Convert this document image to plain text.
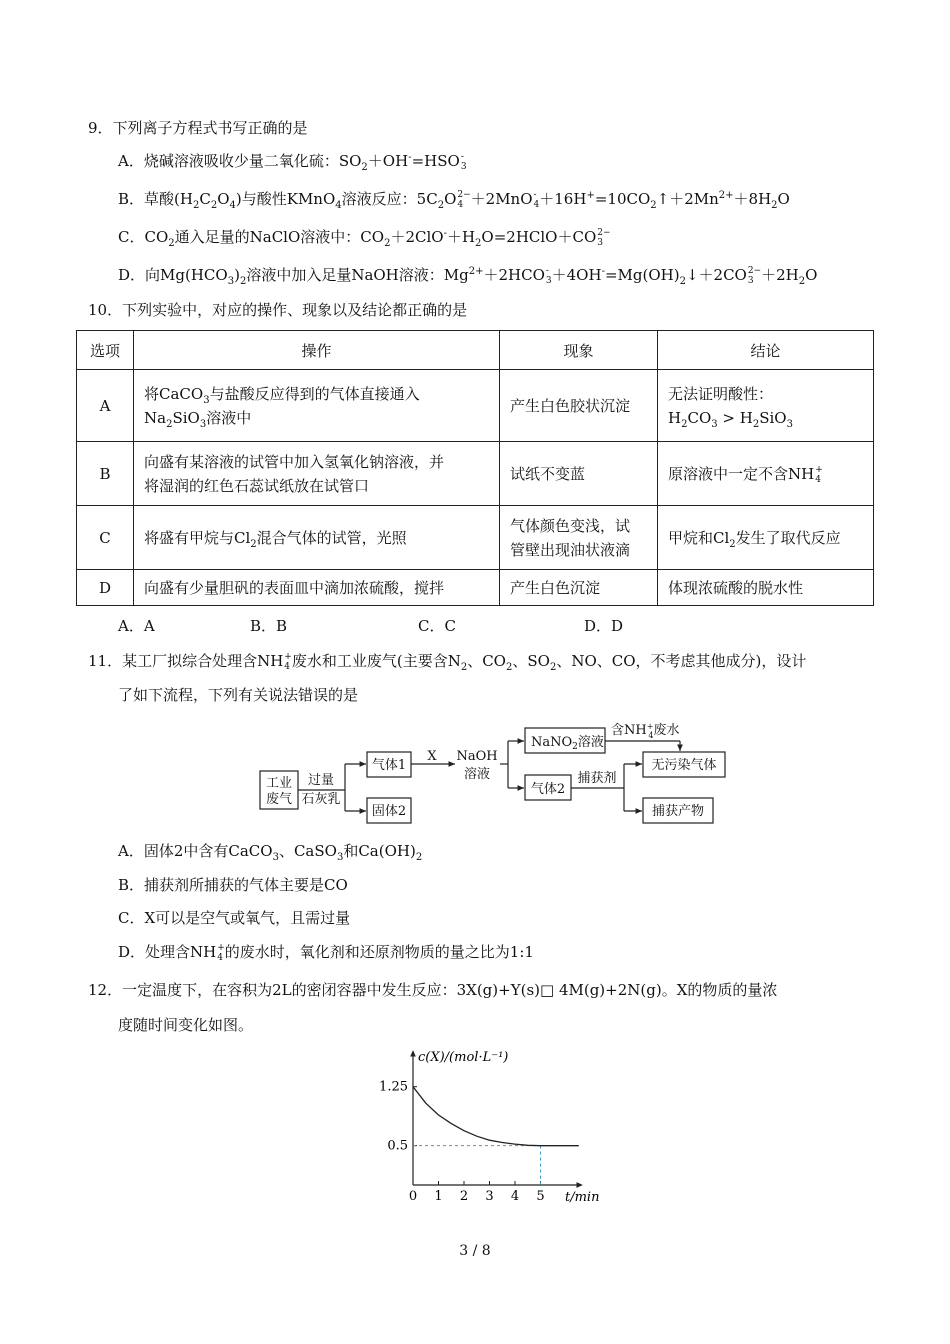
9．下列离子方程式书写正确的是
A．烧碱溶液吸收少量二氧化硫：$SO_2+OH^-=HSO$ -
3
B．草酸$(H_2C_2O_4)$与酸性KMnO$_4$溶液反应：$5C_2O$ 2−
4 ＋2MnO -
$4 +16H^+=10CO_2↑+2Mn^{2+}+8H_2O$
C．$CO_2$通入足量的NaClO溶液中：$CO_2+2ClO^-+H_2O=2HClO+CO$ 2−
3
D．向$Mg(HCO_3)_2$溶液中加入足量NaOH溶液：$Mg^{2+}+2HCO$ -
$3 +4OH^-=Mg(OH)_2↓+2CO$ 2−
$3 +2H_2O$
10．下列实验中，对应的操作、现象以及结论都正确的是
选项	操作	现象	结论
A	将CaCO$_3$与盐酸反应得到的气体直接通入
$Na_2SiO_3$溶液中	产生白色胶状沉淀	无法证明酸性：
$H_2CO_3 > H_2SiO_3$

B	向盛有某溶液的试管中加入氢氧化钠溶液，并
将湿润的红色石蕊试纸放在试管口	试纸不变蓝	原溶液中一定不含NH +
4

C	将盛有甲烷与$Cl_2$混合气体的试管，光照	气体颜色变浅，试
管壁出现油状液滴	甲烷和$Cl_2$发生了取代反应
D	向盛有少量胆矾的表面皿中滴加浓硫酸，搅拌	产生白色沉淀	体现浓硫酸的脱水性
A．A	B．B	C．C	D．D
11．某工厂拟综合处理含NH +
4 废水和工业废气(主要含$N_2$、$CO_2$、$SO_2$、NO、CO，不考虑其他成分)，设计
了如下流程，下列有关说法错误的是
工业
废气
过量
石灰乳
气体1
固体2
X NaOH
溶液
NaNO$_2$溶液
含NH+ 4废水
气体2
捕获剂
无污染气体
捕获产物
A．固体2中含有CaCO$_3$、CaSO$_3$和$Ca(OH)_2$
B．捕获剂所捕获的气体主要是CO
C．X可以是空气或氧气，且需过量
D．处理含NH +
4 的废水时，氧化剂和还原剂物质的量之比为1:1
12．一定温度下，在容积为2L的密闭容器中发生反应：3X(g)+Y(s)□ 4M(g)+2N(g)。X的物质的量浓
度随时间变化如图。
c(X)/(mol·L⁻¹)
t/min
0 1 2 3 4 5
1.25
0.5
3 / 8
